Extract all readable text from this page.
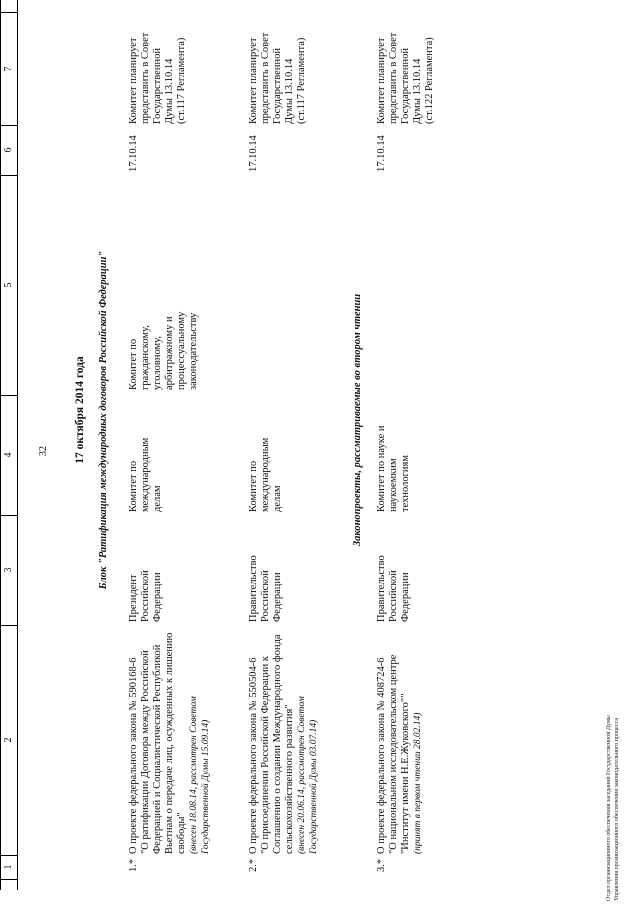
32
1
2
3
4
5
6
7
17 октября 2014 года Блок "Ратификация международных договоров Российской Федерации"
1.*
О проекте федерального закона № 590168-6
"О ратификации Договора между Российской Федерацией и Социалистической Республикой Вьетнам о передаче лиц, осужденных к лишению свободы" (внесен 18.08.14, рассмотрен Советом Государственной Думы 15.09.14)
Президент
Российской
Федерации
Комитет по
международным
делам
Комитет по
гражданскому,
уголовному,
арбитражному и
процессуальному
законодательству
17.10.14
Комитет планирует
представить в Совет
Государственной
Думы 13.10.14
(ст.117 Регламента)
2.*
О проекте федерального закона № 550504-6
"О присоединении Российской Федерации к Соглашению о создании Международного фонда сельскохозяйственного развития" (внесен 20.06.14, рассмотрен Советом Государственной Думы 03.07.14)
Правительство
Российской
Федерации
Комитет по
международным
делам
17.10.14
Комитет планирует
представить в Совет
Государственной
Думы 13.10.14
(ст.117 Регламента)
Законопроекты, рассматриваемые во втором чтении
3.*
О проекте федерального закона № 408724-6
"О национальном исследовательском центре "Институт имени Н.Е.Жуковского"" (принят в первом чтении 28.02.14)
Правительство
Российской
Федерации
Комитет по науке и
наукоемким
технологиям
17.10.14
Комитет планирует
представить в Совет
Государственной
Думы 13.10.14
(ст.122 Регламента)
Отдел организационного обеспечения заседаний Государственной Думы Управления организационного обеспечения законодательного процесса
